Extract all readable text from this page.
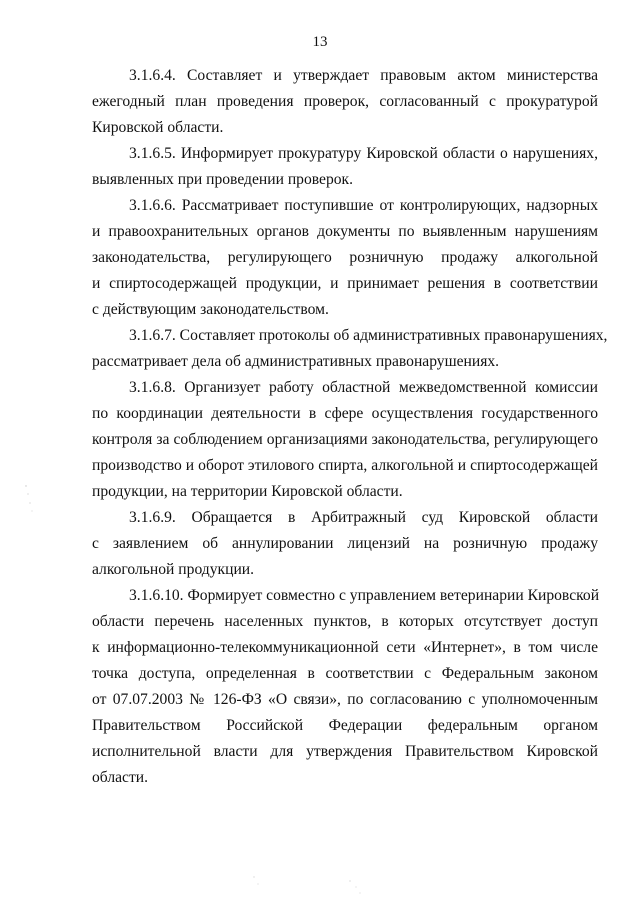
13
3.1.6.4. Составляет и утверждает правовым актом министерства
ежегодный план проведения проверок, согласованный с прокуратурой
Кировской области.
3.1.6.5. Информирует прокуратуру Кировской области о нарушениях,
выявленных при проведении проверок.
3.1.6.6. Рассматривает поступившие от контролирующих, надзорных
и правоохранительных органов документы по выявленным нарушениям
законодательства, регулирующего розничную продажу алкогольной
и спиртосодержащей продукции, и принимает решения в соответствии
с действующим законодательством.
3.1.6.7. Составляет протоколы об административных правонарушениях,
рассматривает дела об административных правонарушениях.
3.1.6.8. Организует работу областной межведомственной комиссии
по координации деятельности в сфере осуществления государственного
контроля за соблюдением организациями законодательства, регулирующего
производство и оборот этилового спирта, алкогольной и спиртосодержащей
продукции, на территории Кировской области.
3.1.6.9. Обращается в Арбитражный суд Кировской области
с заявлением об аннулировании лицензий на розничную продажу
алкогольной продукции.
3.1.6.10. Формирует совместно с управлением ветеринарии Кировской
области перечень населенных пунктов, в которых отсутствует доступ
к информационно-телекоммуникационной сети «Интернет», в том числе
точка доступа, определенная в соответствии с Федеральным законом
от 07.07.2003 № 126-ФЗ «О связи», по согласованию с уполномоченным
Правительством Российской Федерации федеральным органом
исполнительной власти для утверждения Правительством Кировской
области.
